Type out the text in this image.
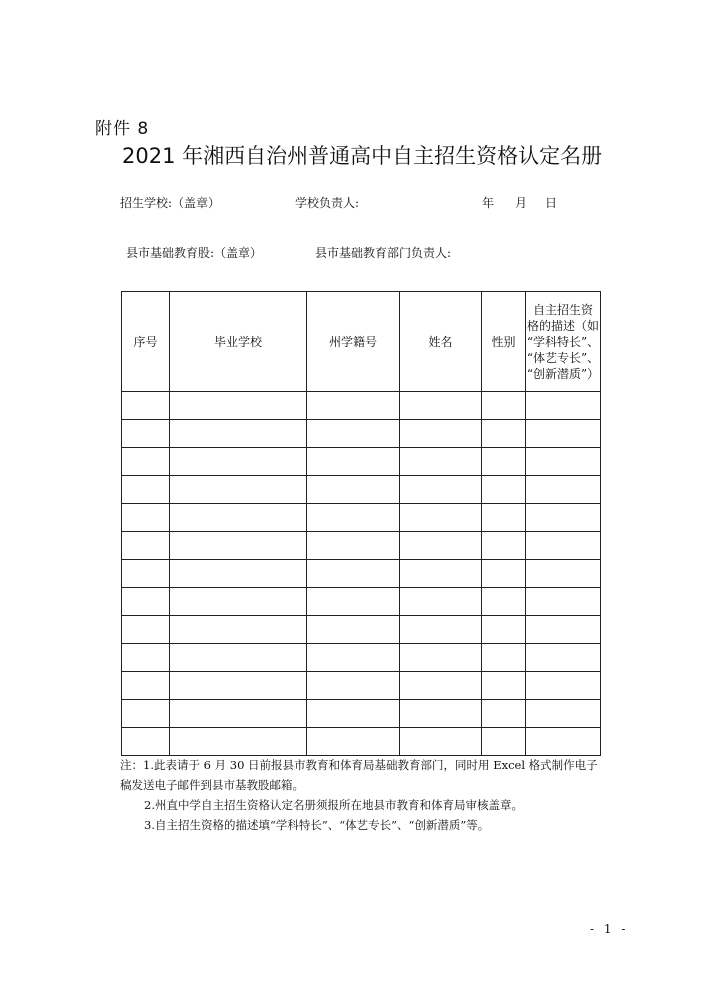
附件 8
2021 年湘西自治州普通高中自主招生资格认定名册
招生学校:（盖章）	学校负责人:	年 月 日
县市基础教育股:（盖章）	县市基础教育部门负责人:
序号	毕业学校	州学籍号	姓名	性别	自主招生资
格的描述（如
“学科特长”、
“体艺专长”、
“创新潜质”）

注：1.此表请于 6 月 30 日前报县市教育和体育局基础教育部门，同时用 Excel 格式制作电子
稿发送电子邮件到县市基教股邮箱。
2.州直中学自主招生资格认定名册须报所在地县市教育和体育局审核盖章。
3.自主招生资格的描述填“学科特长”、“体艺专长”、“创新潜质”等。
- 1 -
